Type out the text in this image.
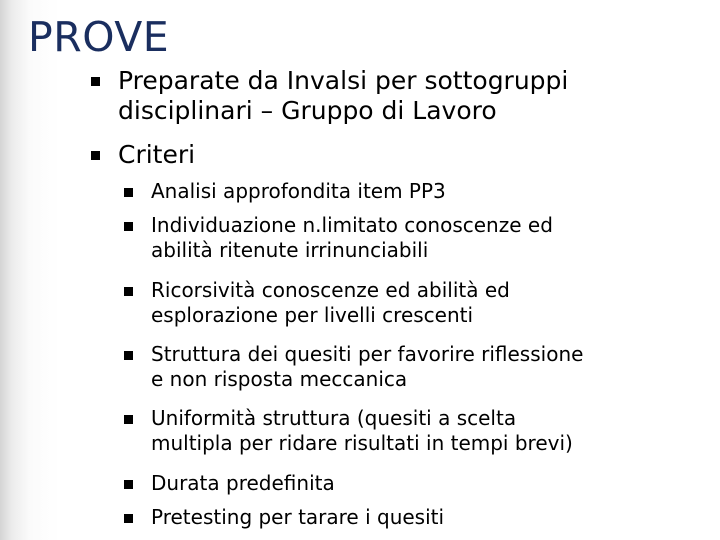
PROVE
Preparate da Invalsi per sottogruppi
disciplinari – Gruppo di Lavoro
Criteri
Analisi approfondita item PP3
Individuazione n.limitato conoscenze ed
abilità ritenute irrinunciabili
Ricorsività conoscenze ed abilità ed
esplorazione per livelli crescenti
Struttura dei quesiti per favorire riflessione
e non risposta meccanica
Uniformità struttura (quesiti a scelta
multipla per ridare risultati in tempi brevi)
Durata predefinita
Pretesting per tarare i quesiti
